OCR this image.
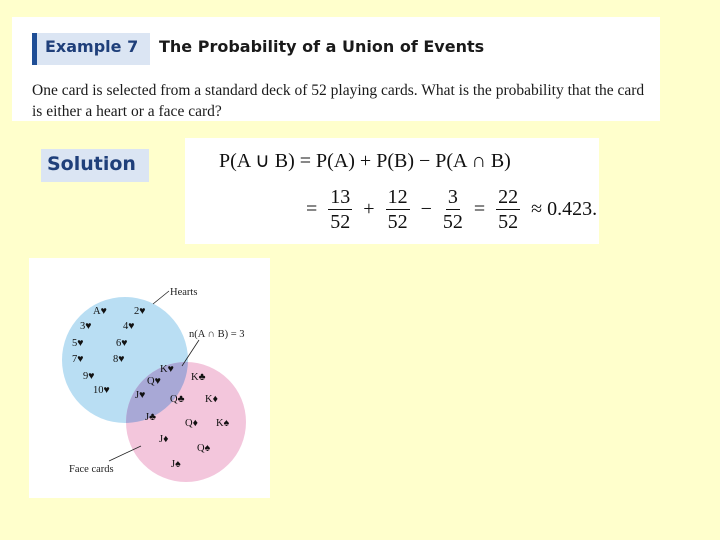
Example 7 The Probability of a Union of Events
One card is selected from a standard deck of 52 playing cards. What is the probability that the card is either a heart or a face card?
Solution	P(A ∪ B) = P(A) + P(B) − P(A ∩ B)
= $\frac{13}{52} + \frac{12}{52} - \frac{3}{52} = \frac{22}{52} \approx 0.423$.
Hearts
n(A ∩ B) = 3
Face cards
A♥	2♥
3♥	4♥
5♥	6♥
7♥	8♥
9♥
10♥
K♥
Q♥
J♥
K♣
Q♣ K♦
J♣
Q♦ K♠
J♦
Q♠
J♠
